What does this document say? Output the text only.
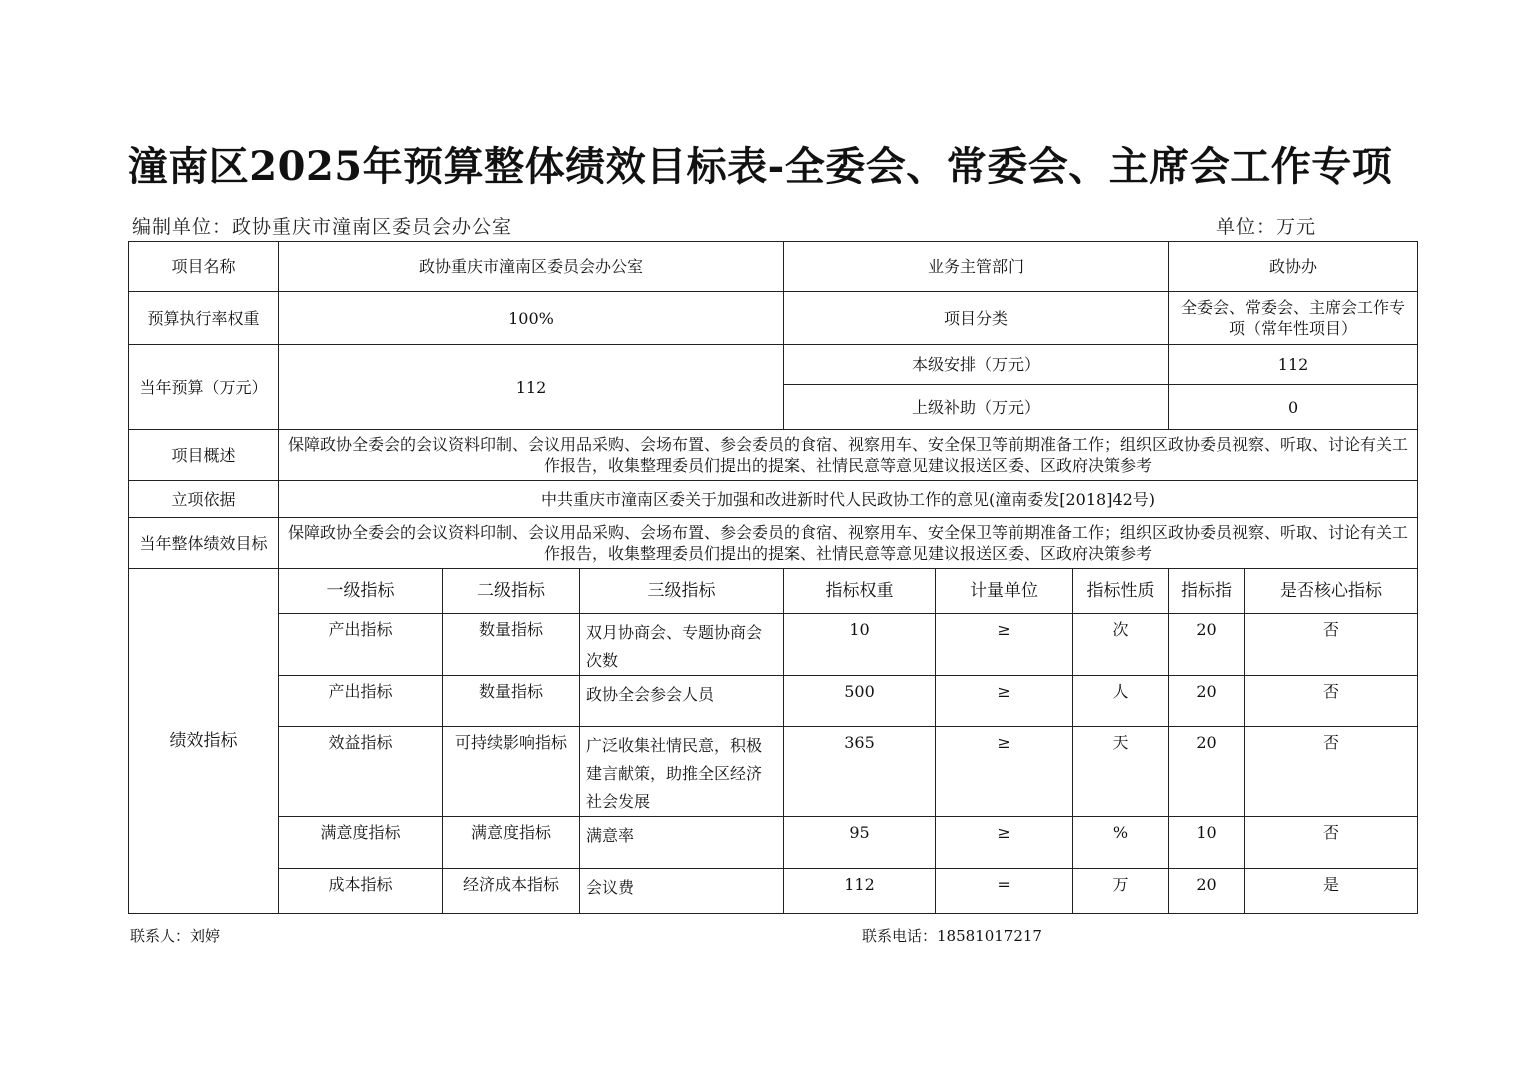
潼南区2025年预算整体绩效目标表-全委会、常委会、主席会工作专项
编制单位：政协重庆市潼南区委员会办公室	单位：万元
项目名称	政协重庆市潼南区委员会办公室			业务主管部门			政协办	
预算执行率权重	100%			项目分类			全委会、常委会、主席会工作专项（常年性项目）	
当年预算（万元）	112			本级安排（万元）			112	
				上级补助（万元）			0	
项目概述	保障政协全委会的会议资料印制、会议用品采购、会场布置、参会委员的食宿、视察用车、安全保卫等前期准备工作；组织区政协委员视察、听取、讨论有关工作报告，收集整理委员们提出的提案、社情民意等意见建议报送区委、区政府决策参考							
立项依据	中共重庆市潼南区委关于加强和改进新时代人民政协工作的意见(潼南委发[2018]42号)							
当年整体绩效目标	保障政协全委会的会议资料印制、会议用品采购、会场布置、参会委员的食宿、视察用车、安全保卫等前期准备工作；组织区政协委员视察、听取、讨论有关工作报告，收集整理委员们提出的提案、社情民意等意见建议报送区委、区政府决策参考							
绩效指标	一级指标	二级指标	三级指标	指标权重	计量单位	指标性质	指标指	是否核心指标
	产出指标	数量指标	双月协商会、专题协商会次数	10	≥	次	20	否
	产出指标	数量指标	政协全会参会人员	500	≥	人	20	否
	效益指标	可持续影响指标	广泛收集社情民意，积极建言献策，助推全区经济社会发展	365	≥	天	20	否
	满意度指标	满意度指标	满意率	95	≥	%	10	否
	成本指标	经济成本指标	会议费	112	=	万	20	是
联系人：刘婷	联系电话：18581017217
